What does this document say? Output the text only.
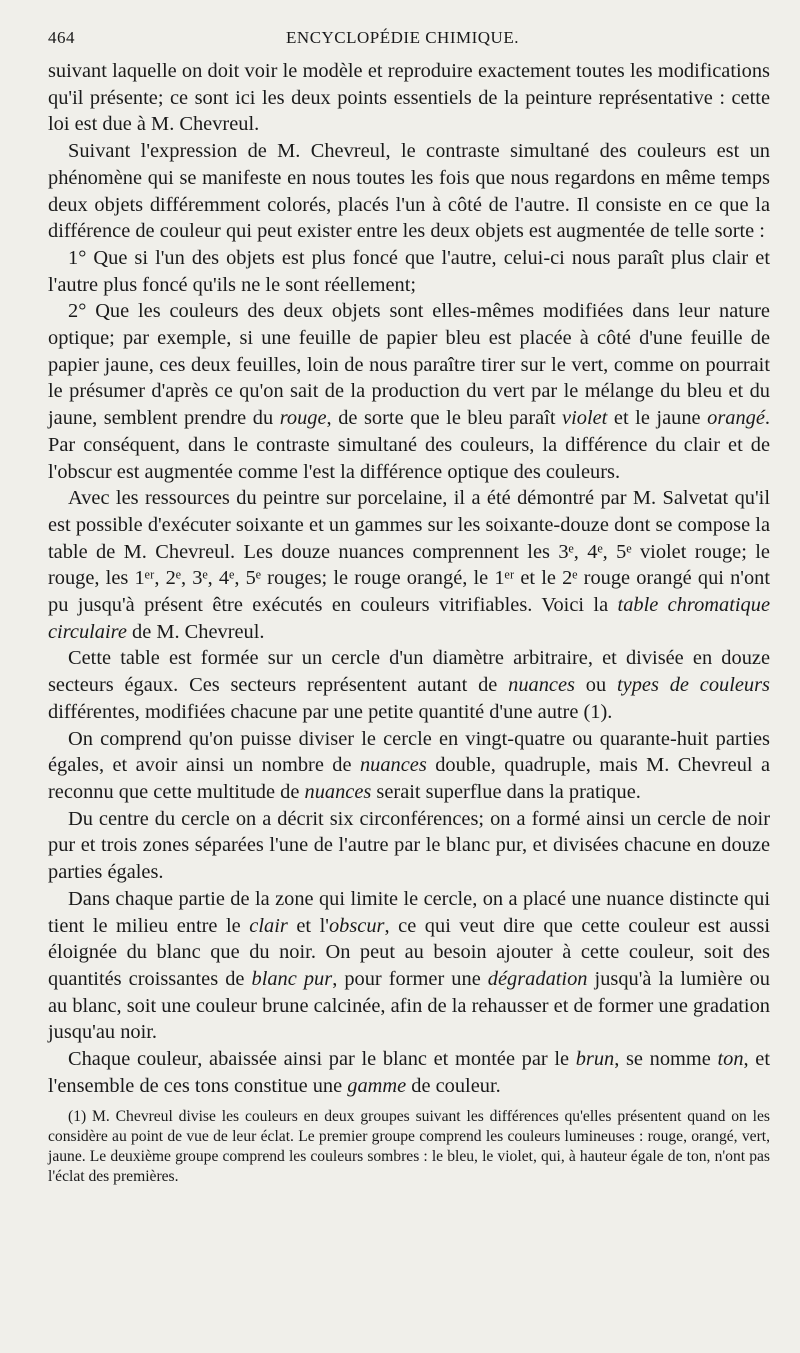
464	ENCYCLOPÉDIE CHIMIQUE.

suivant laquelle on doit voir le modèle et reproduire exactement toutes les modifications qu'il présente; ce sont ici les deux points essentiels de la peinture représentative : cette loi est due à M. Chevreul.

Suivant l'expression de M. Chevreul, le contraste simultané des couleurs est un phénomène qui se manifeste en nous toutes les fois que nous regardons en même temps deux objets différemment colorés, placés l'un à côté de l'autre. Il consiste en ce que la différence de couleur qui peut exister entre les deux objets est augmentée de telle sorte :

1° Que si l'un des objets est plus foncé que l'autre, celui-ci nous paraît plus clair et l'autre plus foncé qu'ils ne le sont réellement;

2° Que les couleurs des deux objets sont elles-mêmes modifiées dans leur nature optique; par exemple, si une feuille de papier bleu est placée à côté d'une feuille de papier jaune, ces deux feuilles, loin de nous paraître tirer sur le vert, comme on pourrait le présumer d'après ce qu'on sait de la production du vert par le mélange du bleu et du jaune, semblent prendre du rouge, de sorte que le bleu paraît violet et le jaune orangé. Par conséquent, dans le contraste simultané des couleurs, la différence du clair et de l'obscur est augmentée comme l'est la différence optique des couleurs.

Avec les ressources du peintre sur porcelaine, il a été démontré par M. Salvetat qu'il est possible d'exécuter soixante et un gammes sur les soixante-douze dont se compose la table de M. Chevreul. Les douze nuances comprennent les 3ᵉ, 4ᵉ, 5ᵉ violet rouge; le rouge, les 1ᵉʳ, 2ᵉ, 3ᵉ, 4ᵉ, 5ᵉ rouges; le rouge orangé, le 1ᵉʳ et le 2ᵉ rouge orangé qui n'ont pu jusqu'à présent être exécutés en couleurs vitrifiables. Voici la table chromatique circulaire de M. Chevreul.

Cette table est formée sur un cercle d'un diamètre arbitraire, et divisée en douze secteurs égaux. Ces secteurs représentent autant de nuances ou types de couleurs différentes, modifiées chacune par une petite quantité d'une autre (1).

On comprend qu'on puisse diviser le cercle en vingt-quatre ou quarante-huit parties égales, et avoir ainsi un nombre de nuances double, quadruple, mais M. Chevreul a reconnu que cette multitude de nuances serait superflue dans la pratique.

Du centre du cercle on a décrit six circonférences; on a formé ainsi un cercle de noir pur et trois zones séparées l'une de l'autre par le blanc pur, et divisées chacune en douze parties égales.

Dans chaque partie de la zone qui limite le cercle, on a placé une nuance distincte qui tient le milieu entre le clair et l'obscur, ce qui veut dire que cette couleur est aussi éloignée du blanc que du noir. On peut au besoin ajouter à cette couleur, soit des quantités croissantes de blanc pur, pour former une dégradation jusqu'à la lumière ou au blanc, soit une couleur brune calcinée, afin de la rehausser et de former une gradation jusqu'au noir.

Chaque couleur, abaissée ainsi par le blanc et montée par le brun, se nomme ton, et l'ensemble de ces tons constitue une gamme de couleur.

(1) M. Chevreul divise les couleurs en deux groupes suivant les différences qu'elles présentent quand on les considère au point de vue de leur éclat. Le premier groupe comprend les couleurs lumineuses : rouge, orangé, vert, jaune. Le deuxième groupe comprend les couleurs sombres : le bleu, le violet, qui, à hauteur égale de ton, n'ont pas l'éclat des premières.
